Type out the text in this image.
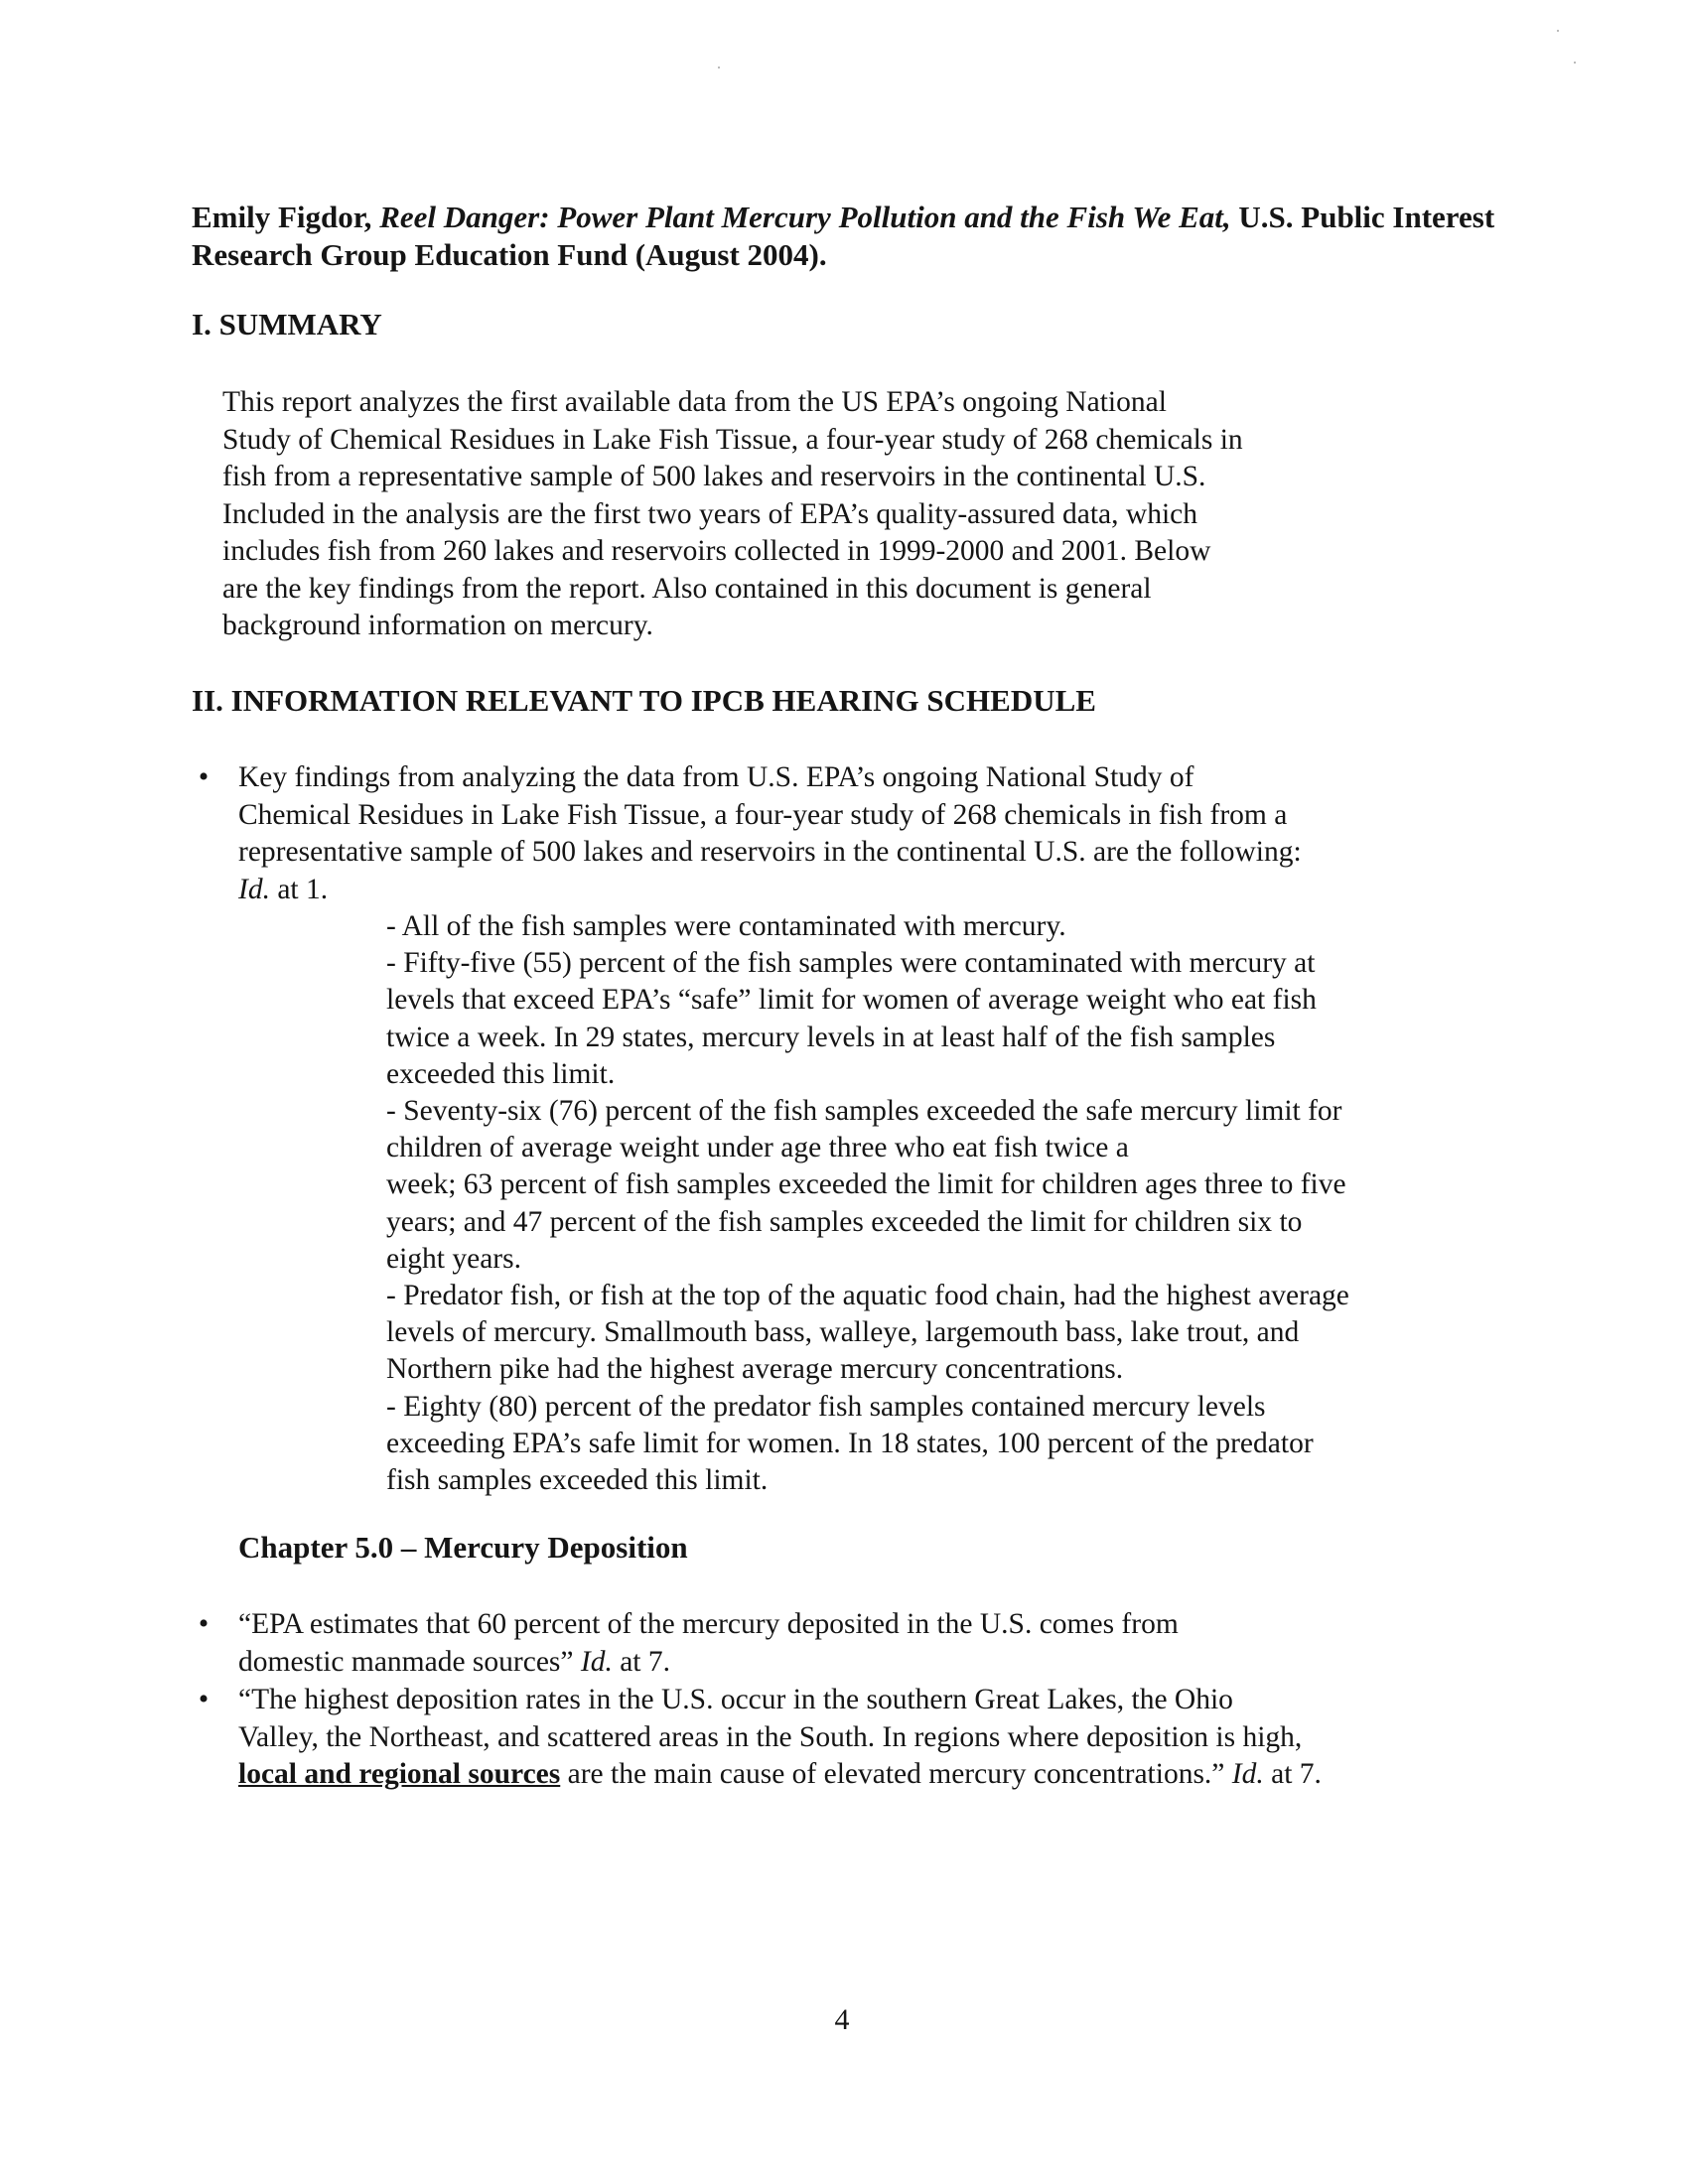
Emily Figdor, Reel Danger: Power Plant Mercury Pollution and the Fish We Eat, U.S. Public Interest Research Group Education Fund (August 2004).

I. SUMMARY
This report analyzes the first available data from the US EPA’s ongoing National
Study of Chemical Residues in Lake Fish Tissue, a four-year study of 268 chemicals in
fish from a representative sample of 500 lakes and reservoirs in the continental U.S.
Included in the analysis are the first two years of EPA’s quality-assured data, which
includes fish from 260 lakes and reservoirs collected in 1999-2000 and 2001. Below
are the key findings from the report. Also contained in this document is general
background information on mercury.
II. INFORMATION RELEVANT TO IPCB HEARING SCHEDULE
•	Key findings from analyzing the data from U.S. EPA’s ongoing National Study of
Chemical Residues in Lake Fish Tissue, a four-year study of 268 chemicals in fish from a
representative sample of 500 lakes and reservoirs in the continental U.S. are the following:
Id. at 1.

- All of the fish samples were contaminated with mercury.

- Fifty-five (55) percent of the fish samples were contaminated with mercury at

levels that exceed EPA’s “safe” limit for women of average weight who eat fish

twice a week. In 29 states, mercury levels in at least half of the fish samples

exceeded this limit.

- Seventy-six (76) percent of the fish samples exceeded the safe mercury limit for

children of average weight under age three who eat fish twice a

week; 63 percent of fish samples exceeded the limit for children ages three to five

years; and 47 percent of the fish samples exceeded the limit for children six to

eight years.

- Predator fish, or fish at the top of the aquatic food chain, had the highest average

levels of mercury. Smallmouth bass, walleye, largemouth bass, lake trout, and

Northern pike had the highest average mercury concentrations.

- Eighty (80) percent of the predator fish samples contained mercury levels

exceeding EPA’s safe limit for women. In 18 states, 100 percent of the predator

fish samples exceeded this limit.

Chapter 5.0 – Mercury Deposition
•	“EPA estimates that 60 percent of the mercury deposited in the U.S. comes from
domestic manmade sources” Id. at 7.
•	“The highest deposition rates in the U.S. occur in the southern Great Lakes, the Ohio
Valley, the Northeast, and scattered areas in the South. In regions where deposition is high,
local and regional sources are the main cause of elevated mercury concentrations.” Id. at 7.
4
